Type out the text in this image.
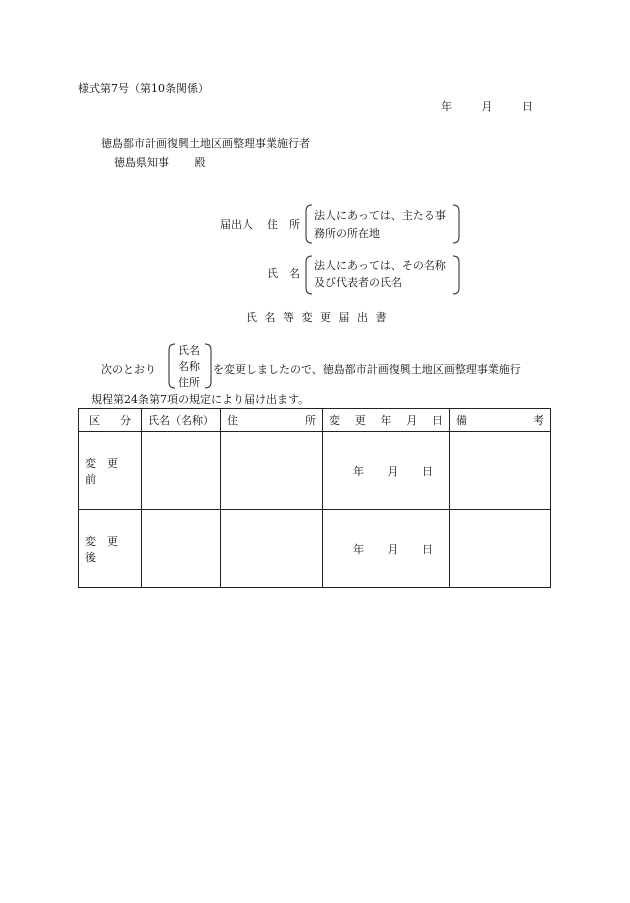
様式第7号（第10条関係）
年	月	日
徳島都市計画復興土地区画整理事業施行者
徳島県知事 殿
届出人 住　所
法人にあっては、主たる事
務所の所在地
氏　名
法人にあっては、その名称
及び代表者の氏名
氏 名 等 変 更 届 出 書
次のとおり
氏名
名称
住所
を変更しましたので、徳島都市計画復興土地区画整理事業施行
規程第24条第7項の規定により届け出ます。
区 分	氏名（名称）	住 所	変 更 年 月 日	備 考

変　更　前			年 月 日	

変　更　後			年 月 日	
